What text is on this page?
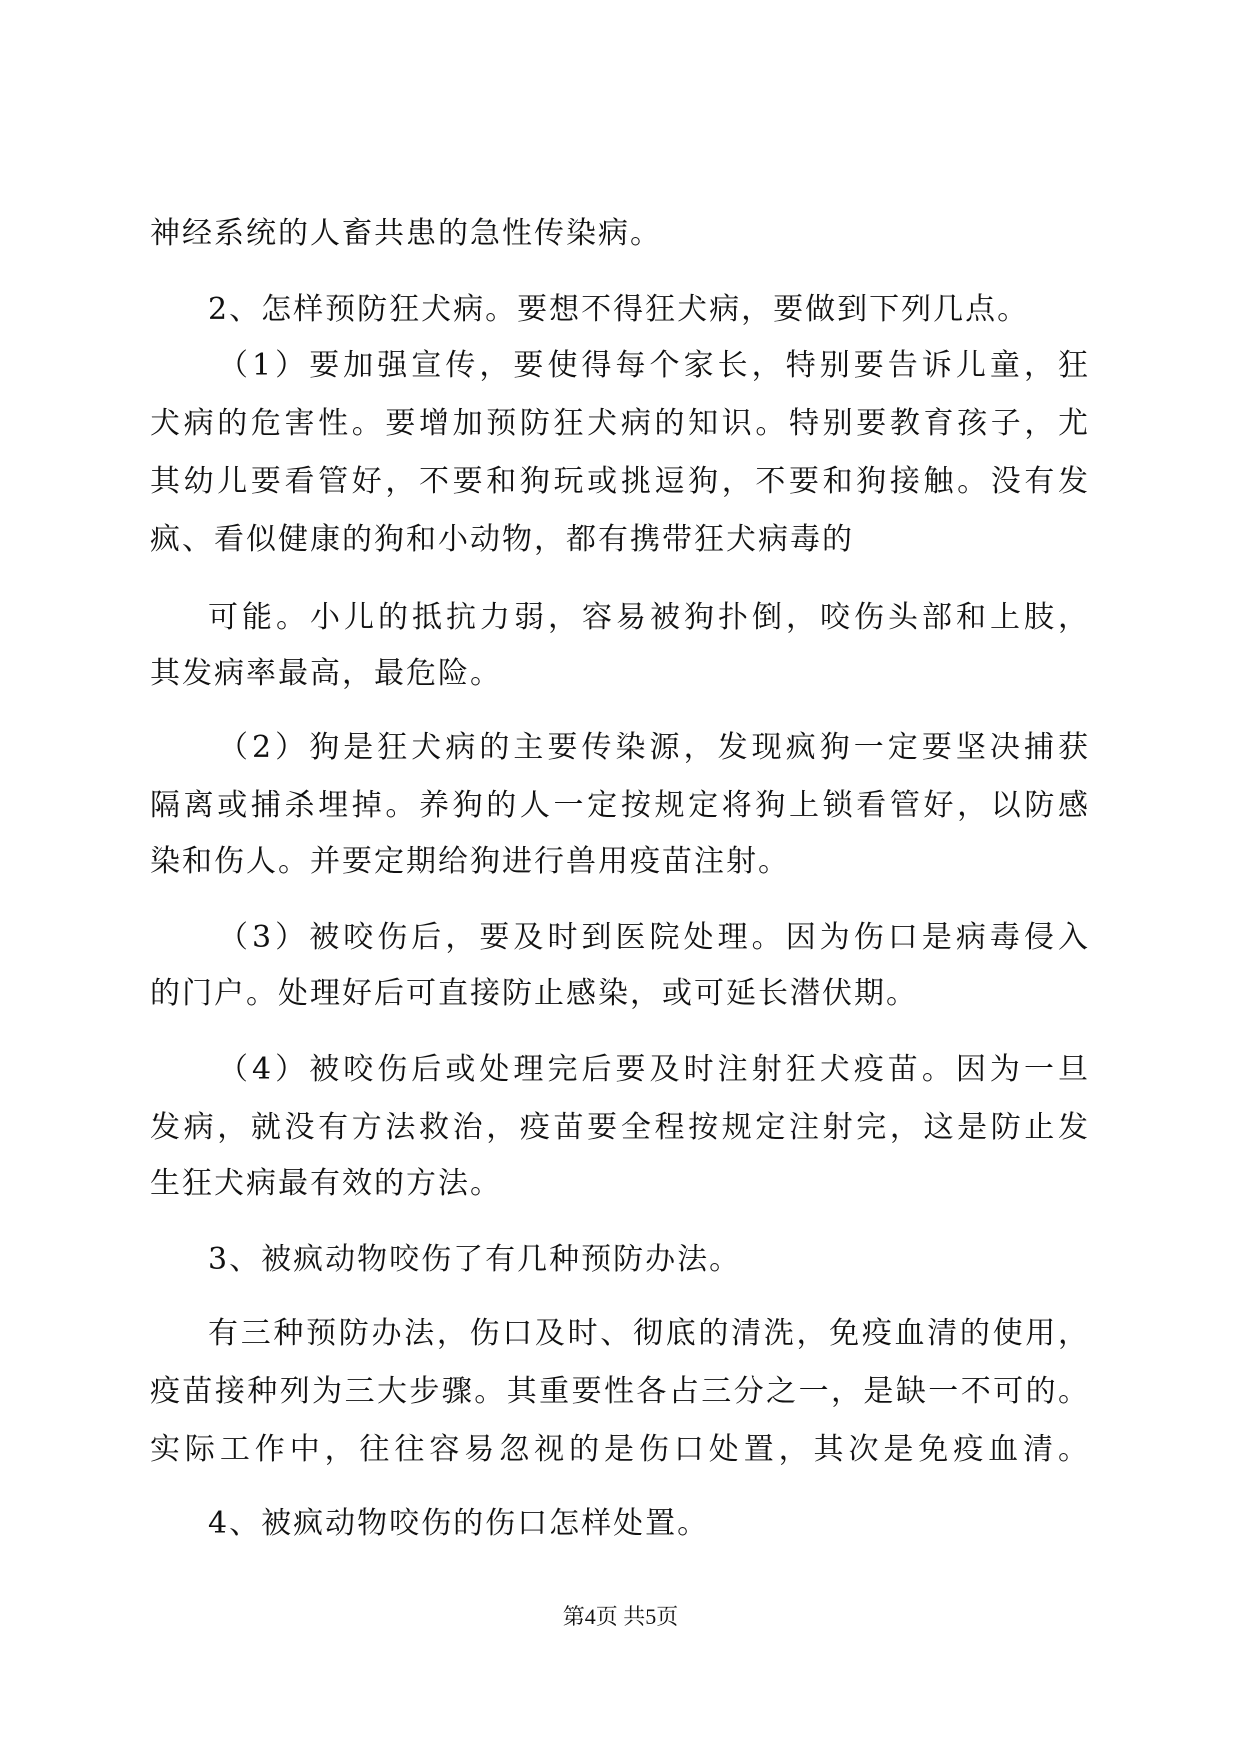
神经系统的人畜共患的急性传染病。
2、怎样预防狂犬病。要想不得狂犬病，要做到下列几点。
（1）要加强宣传，要使得每个家长，特别要告诉儿童，狂
犬病的危害性。要增加预防狂犬病的知识。特别要教育孩子，尤
其幼儿要看管好，不要和狗玩或挑逗狗，不要和狗接触。没有发
疯、看似健康的狗和小动物，都有携带狂犬病毒的
可能。小儿的抵抗力弱，容易被狗扑倒，咬伤头部和上肢，
其发病率最高，最危险。
（2）狗是狂犬病的主要传染源，发现疯狗一定要坚决捕获
隔离或捕杀埋掉。养狗的人一定按规定将狗上锁看管好，以防感
染和伤人。并要定期给狗进行兽用疫苗注射。
（3）被咬伤后，要及时到医院处理。因为伤口是病毒侵入
的门户。处理好后可直接防止感染，或可延长潜伏期。
（4）被咬伤后或处理完后要及时注射狂犬疫苗。因为一旦
发病，就没有方法救治，疫苗要全程按规定注射完，这是防止发
生狂犬病最有效的方法。
3、被疯动物咬伤了有几种预防办法。
有三种预防办法，伤口及时、彻底的清洗，免疫血清的使用，
疫苗接种列为三大步骤。其重要性各占三分之一，是缺一不可的。
实际工作中，往往容易忽视的是伤口处置，其次是免疫血清。
4、被疯动物咬伤的伤口怎样处置。
第4页 共5页
